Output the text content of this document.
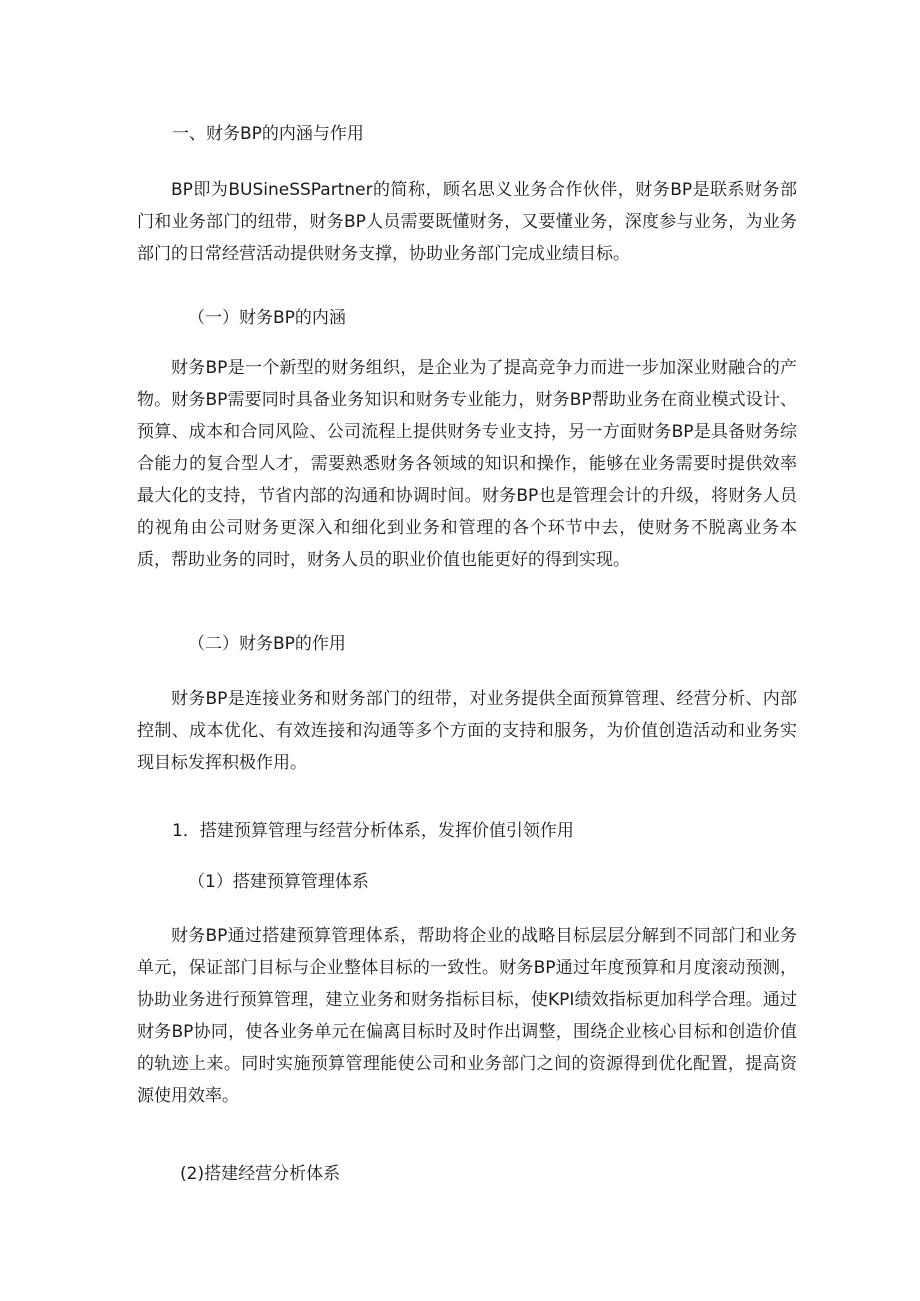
一、财务BP的内涵与作用

BP即为BUSineSSPartner的简称，顾名思义业务合作伙伴，财务BP是联系财务部门和业务部门的纽带，财务BP人员需要既懂财务，又要懂业务，深度参与业务，为业务部门的日常经营活动提供财务支撑，协助业务部门完成业绩目标。

（一）财务BP的内涵

财务BP是一个新型的财务组织，是企业为了提高竞争力而进一步加深业财融合的产物。财务BP需要同时具备业务知识和财务专业能力，财务BP帮助业务在商业模式设计、预算、成本和合同风险、公司流程上提供财务专业支持，另一方面财务BP是具备财务综合能力的复合型人才，需要熟悉财务各领域的知识和操作，能够在业务需要时提供效率最大化的支持，节省内部的沟通和协调时间。财务BP也是管理会计的升级，将财务人员的视角由公司财务更深入和细化到业务和管理的各个环节中去，使财务不脱离业务本质，帮助业务的同时，财务人员的职业价值也能更好的得到实现。

（二）财务BP的作用

财务BP是连接业务和财务部门的纽带，对业务提供全面预算管理、经营分析、内部控制、成本优化、有效连接和沟通等多个方面的支持和服务，为价值创造活动和业务实现目标发挥积极作用。

1．搭建预算管理与经营分析体系，发挥价值引领作用
（1）搭建预算管理体系

财务BP通过搭建预算管理体系，帮助将企业的战略目标层层分解到不同部门和业务单元，保证部门目标与企业整体目标的一致性。财务BP通过年度预算和月度滚动预测，协助业务进行预算管理，建立业务和财务指标目标，使KPI绩效指标更加科学合理。通过财务BP协同，使各业务单元在偏离目标时及时作出调整，围绕企业核心目标和创造价值的轨迹上来。同时实施预算管理能使公司和业务部门之间的资源得到优化配置，提高资源使用效率。

(2)搭建经营分析体系
